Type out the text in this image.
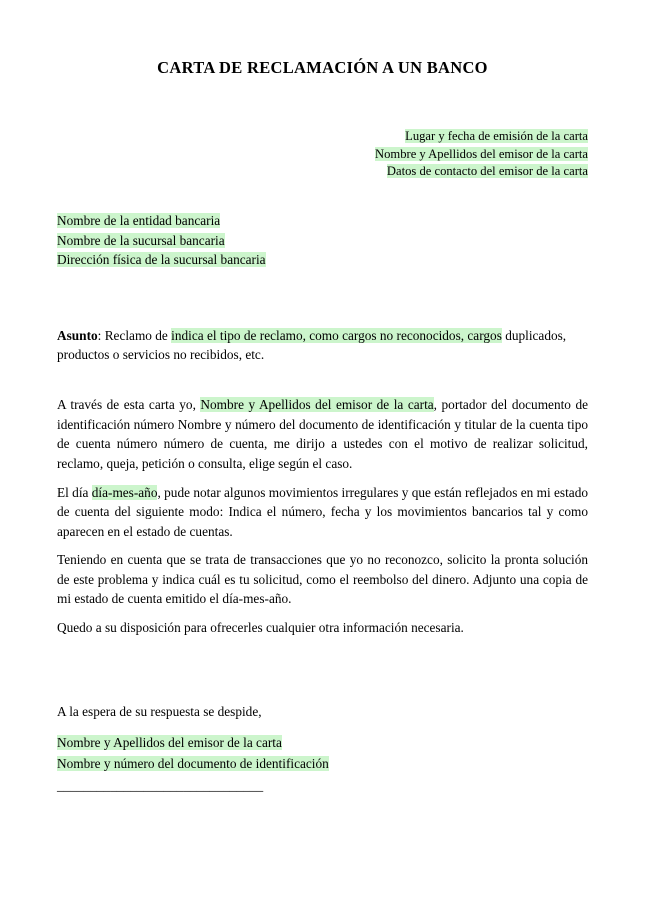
CARTA DE RECLAMACIÓN A UN BANCO
Lugar y fecha de emisión de la carta
Nombre y Apellidos del emisor de la carta
Datos de contacto del emisor de la carta
Nombre de la entidad bancaria
Nombre de la sucursal bancaria
Dirección física de la sucursal bancaria

Asunto: Reclamo de indica el tipo de reclamo, como cargos no reconocidos, cargos duplicados, productos o servicios no recibidos, etc.

A través de esta carta yo, Nombre y Apellidos del emisor de la carta, portador del documento de identificación número Nombre y número del documento de identificación y titular de la cuenta tipo de cuenta número número de cuenta, me dirijo a ustedes con el motivo de realizar solicitud, reclamo, queja, petición o consulta, elige según el caso.

El día día-mes-año, pude notar algunos movimientos irregulares y que están reflejados en mi estado de cuenta del siguiente modo: Indica el número, fecha y los movimientos bancarios tal y como aparecen en el estado de cuentas.

Teniendo en cuenta que se trata de transacciones que yo no reconozco, solicito la pronta solución de este problema y indica cuál es tu solicitud, como el reembolso del dinero. Adjunto una copia de mi estado de cuenta emitido el día-mes-año.

Quedo a su disposición para ofrecerles cualquier otra información necesaria.

A la espera de su respuesta se despide,

Nombre y Apellidos del emisor de la carta
Nombre y número del documento de identificación
_______________________________
